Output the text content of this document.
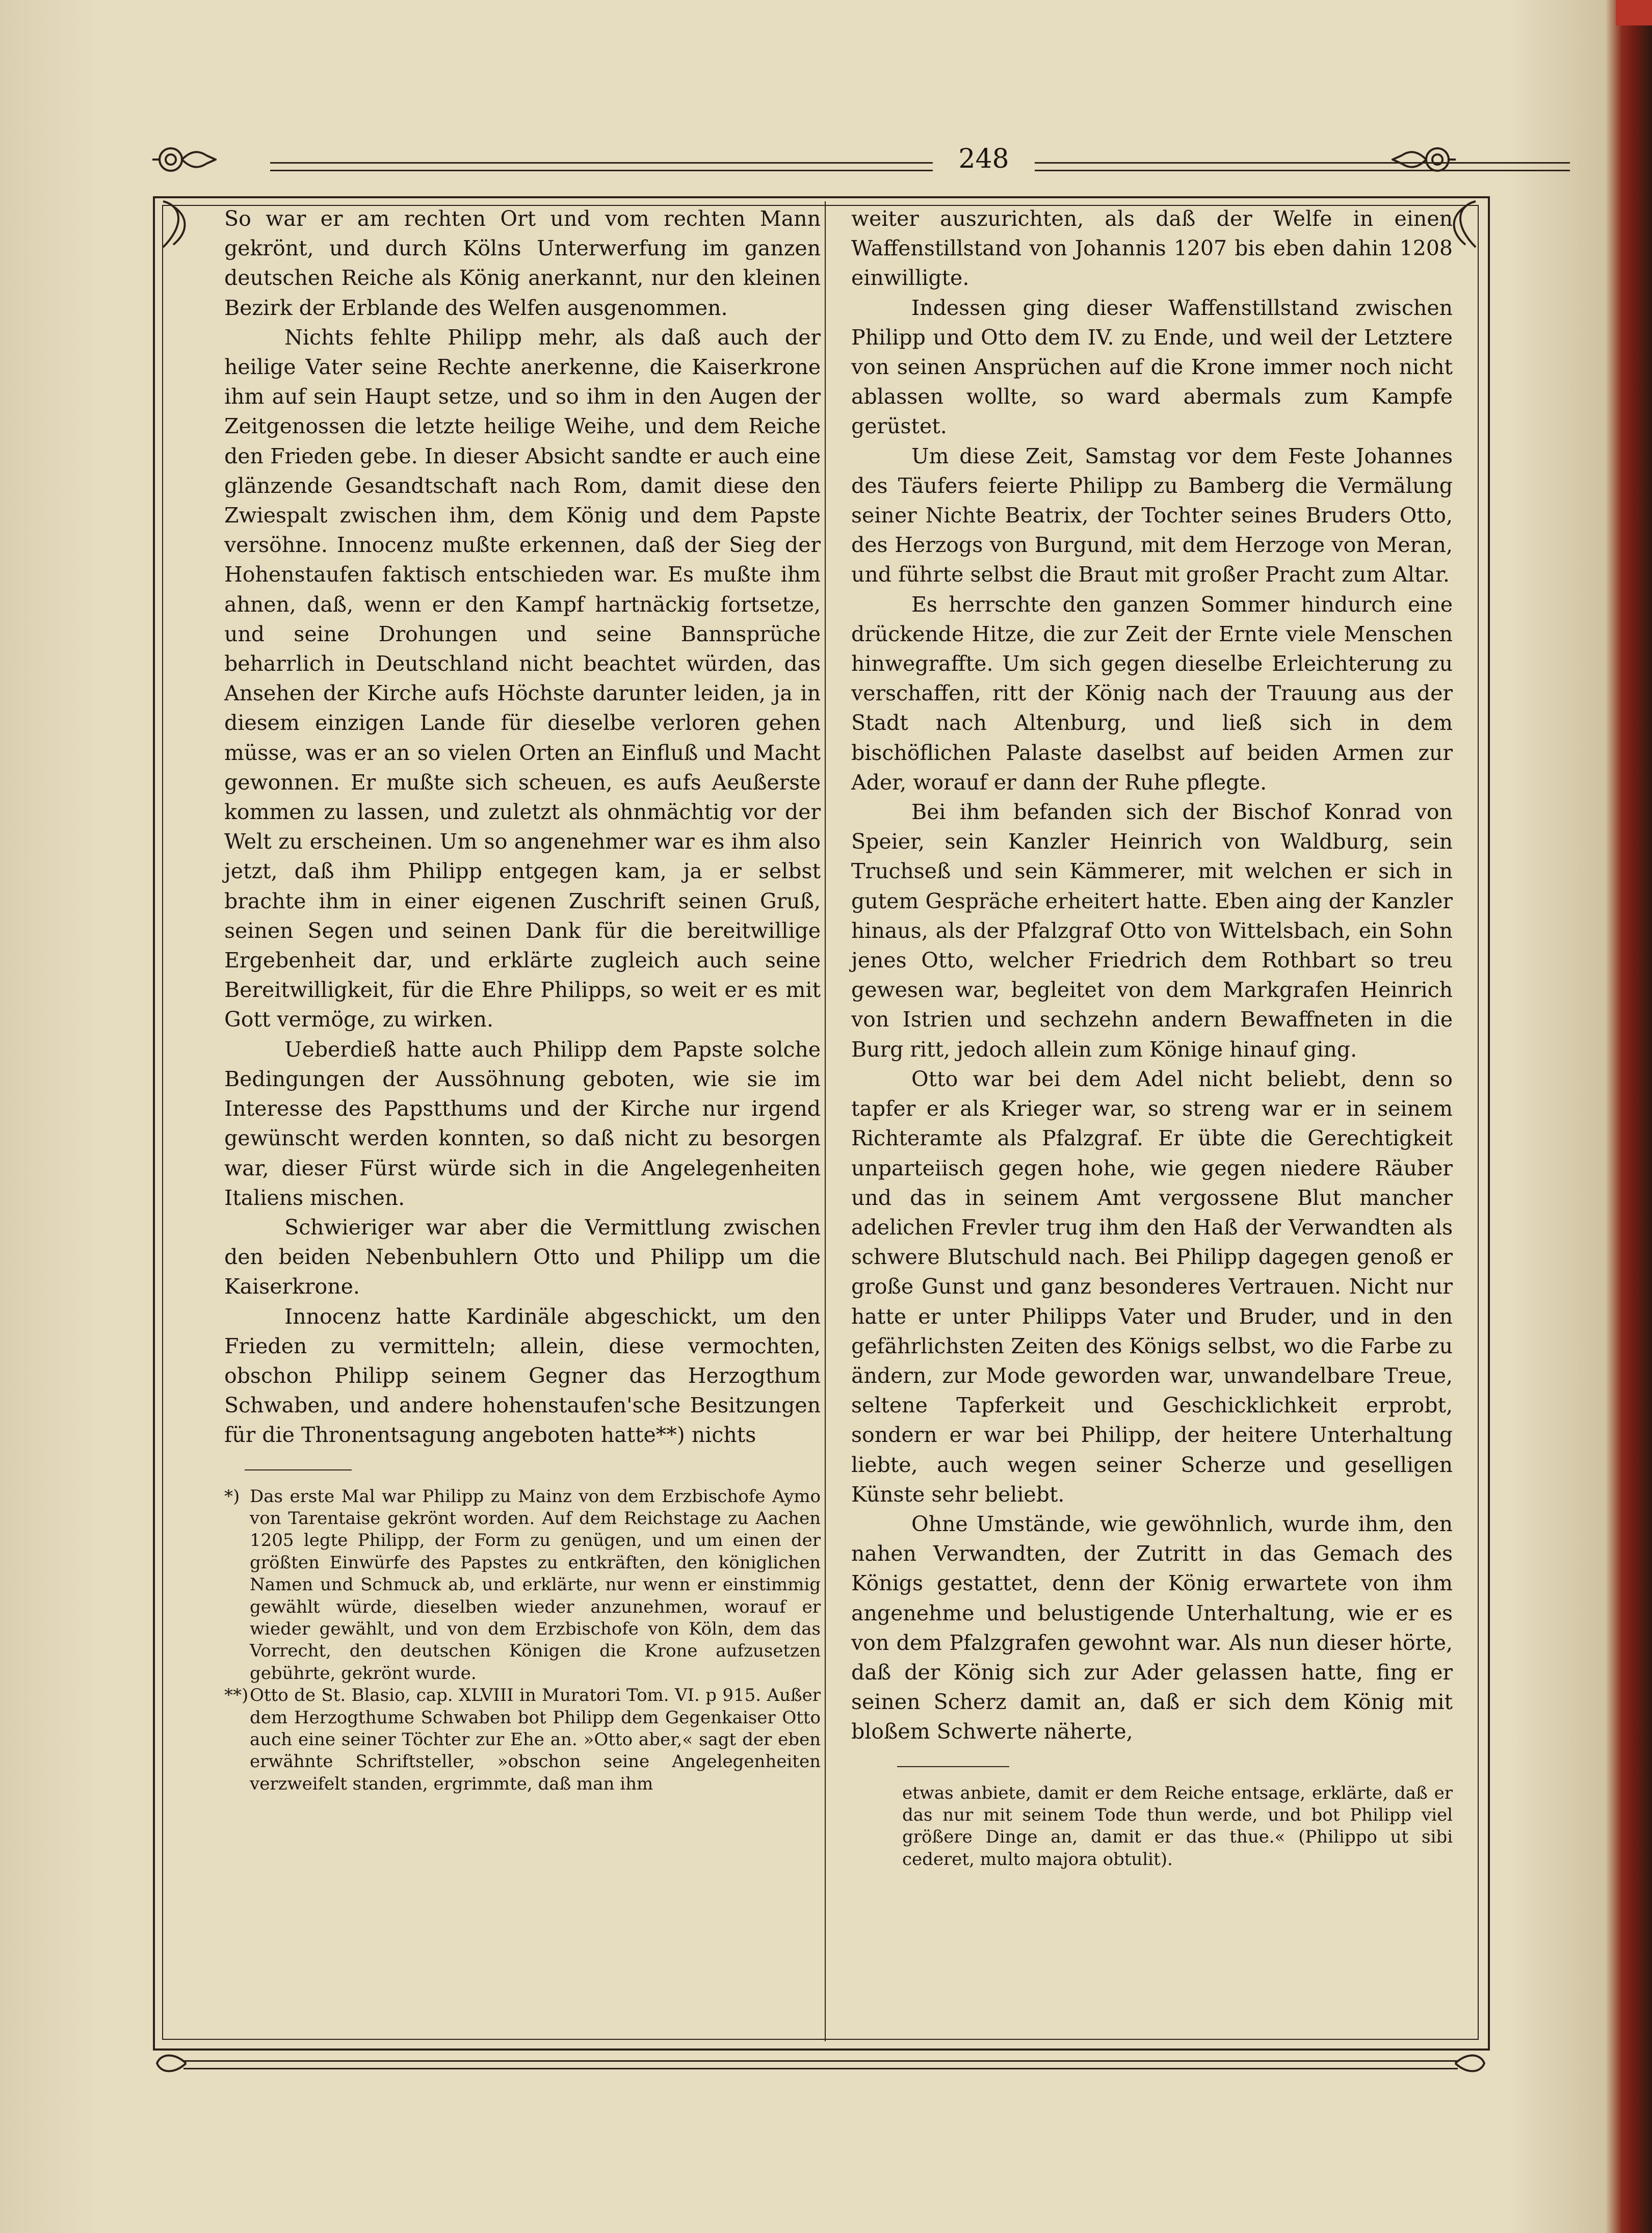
248

So war er am rechten Ort und vom rechten Mann gekrönt, und durch Kölns Unterwerfung im ganzen deutschen Reiche als König anerkannt, nur den kleinen Bezirk der Erblande des Welfen ausgenommen.

Nichts fehlte Philipp mehr, als daß auch der heilige Vater seine Rechte anerkenne, die Kaiserkrone ihm auf sein Haupt setze, und so ihm in den Augen der Zeitgenossen die letzte heilige Weihe, und dem Reiche den Frieden gebe. In dieser Absicht sandte er auch eine glänzende Gesandtschaft nach Rom, damit diese den Zwiespalt zwischen ihm, dem König und dem Papste versöhne. Innocenz mußte erkennen, daß der Sieg der Hohenstaufen faktisch entschieden war. Es mußte ihm ahnen, daß, wenn er den Kampf hartnäckig fortsetze, und seine Drohungen und seine Bannsprüche beharrlich in Deutschland nicht beachtet würden, das Ansehen der Kirche aufs Höchste darunter leiden, ja in diesem einzigen Lande für dieselbe verloren gehen müsse, was er an so vielen Orten an Einfluß und Macht gewonnen. Er mußte sich scheuen, es aufs Aeußerste kommen zu lassen, und zuletzt als ohnmächtig vor der Welt zu erscheinen. Um so angenehmer war es ihm also jetzt, daß ihm Philipp entgegen kam, ja er selbst brachte ihm in einer eigenen Zuschrift seinen Gruß, seinen Segen und seinen Dank für die bereitwillige Ergebenheit dar, und erklärte zugleich auch seine Bereitwilligkeit, für die Ehre Philipps, so weit er es mit Gott vermöge, zu wirken.

Ueberdieß hatte auch Philipp dem Papste solche Bedingungen der Aussöhnung geboten, wie sie im Interesse des Papstthums und der Kirche nur irgend gewünscht werden konnten, so daß nicht zu besorgen war, dieser Fürst würde sich in die Angelegenheiten Italiens mischen.

Schwieriger war aber die Vermittlung zwischen den beiden Nebenbuhlern Otto und Philipp um die Kaiserkrone.

Innocenz hatte Kardinäle abgeschickt, um den Frieden zu vermitteln; allein, diese vermochten, obschon Philipp seinem Gegner das Herzogthum Schwaben, und andere hohenstaufen'sche Besitzungen für die Thronentsagung angeboten hatte**) nichts

*) Das erste Mal war Philipp zu Mainz von dem Erzbischofe Aymo von Tarentaise gekrönt worden. Auf dem Reichstage zu Aachen 1205 legte Philipp, der Form zu genügen, und um einen der größten Einwürfe des Papstes zu entkräften, den königlichen Namen und Schmuck ab, und erklärte, nur wenn er einstimmig gewählt würde, dieselben wieder anzunehmen, worauf er wieder gewählt, und von dem Erzbischofe von Köln, dem das Vorrecht, den deutschen Königen die Krone aufzusetzen gebührte, gekrönt wurde.

**)Otto de St. Blasio, cap. XLVIII in Muratori Tom. VI. p 915. Außer dem Herzogthume Schwaben bot Philipp dem Gegenkaiser Otto auch eine seiner Töchter zur Ehe an. »Otto aber,« sagt der eben erwähnte Schriftsteller, »obschon seine Angelegenheiten verzweifelt standen, ergrimmte, daß man ihm

weiter auszurichten, als daß der Welfe in einen Waffenstillstand von Johannis 1207 bis eben dahin 1208 einwilligte.

Indessen ging dieser Waffenstillstand zwischen Philipp und Otto dem IV. zu Ende, und weil der Letztere von seinen Ansprüchen auf die Krone immer noch nicht ablassen wollte, so ward abermals zum Kampfe gerüstet.

Um diese Zeit, Samstag vor dem Feste Johannes des Täufers feierte Philipp zu Bamberg die Vermälung seiner Nichte Beatrix, der Tochter seines Bruders Otto, des Herzogs von Burgund, mit dem Herzoge von Meran, und führte selbst die Braut mit großer Pracht zum Altar.

Es herrschte den ganzen Sommer hindurch eine drückende Hitze, die zur Zeit der Ernte viele Menschen hinwegraffte. Um sich gegen dieselbe Erleichterung zu verschaffen, ritt der König nach der Trauung aus der Stadt nach Altenburg, und ließ sich in dem bischöflichen Palaste daselbst auf beiden Armen zur Ader, worauf er dann der Ruhe pflegte.

Bei ihm befanden sich der Bischof Konrad von Speier, sein Kanzler Heinrich von Waldburg, sein Truchseß und sein Kämmerer, mit welchen er sich in gutem Gespräche erheitert hatte. Eben aing der Kanzler hinaus, als der Pfalzgraf Otto von Wittelsbach, ein Sohn jenes Otto, welcher Friedrich dem Rothbart so treu gewesen war, begleitet von dem Markgrafen Heinrich von Istrien und sechzehn andern Bewaffneten in die Burg ritt, jedoch allein zum Könige hinauf ging.

Otto war bei dem Adel nicht beliebt, denn so tapfer er als Krieger war, so streng war er in seinem Richteramte als Pfalzgraf. Er übte die Gerechtigkeit unparteiisch gegen hohe, wie gegen niedere Räuber und das in seinem Amt vergossene Blut mancher adelichen Frevler trug ihm den Haß der Verwandten als schwere Blutschuld nach. Bei Philipp dagegen genoß er große Gunst und ganz besonderes Vertrauen. Nicht nur hatte er unter Philipps Vater und Bruder, und in den gefährlichsten Zeiten des Königs selbst, wo die Farbe zu ändern, zur Mode geworden war, unwandelbare Treue, seltene Tapferkeit und Geschicklichkeit erprobt, sondern er war bei Philipp, der heitere Unterhaltung liebte, auch wegen seiner Scherze und geselligen Künste sehr beliebt.

Ohne Umstände, wie gewöhnlich, wurde ihm, den nahen Verwandten, der Zutritt in das Gemach des Königs gestattet, denn der König erwartete von ihm angenehme und belustigende Unterhaltung, wie er es von dem Pfalzgrafen gewohnt war. Als nun dieser hörte, daß der König sich zur Ader gelassen hatte, fing er seinen Scherz damit an, daß er sich dem König mit bloßem Schwerte näherte,

etwas anbiete, damit er dem Reiche entsage, erklärte, daß er das nur mit seinem Tode thun werde, und bot Philipp viel größere Dinge an, damit er das thue.« (Philippo ut sibi cederet, multo majora obtulit).
